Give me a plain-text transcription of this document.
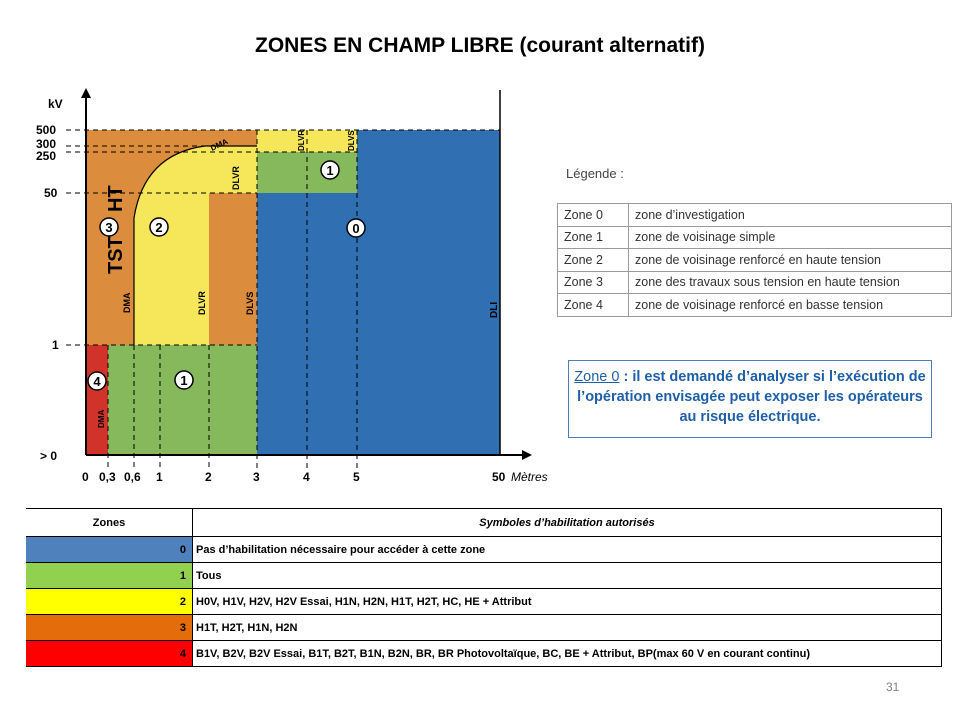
ZONES EN CHAMP LIBRE (courant alternatif)
kV
500
300
250
50
1
> 0
0 0,3 0,6 1	2	3	4	5	50 Mètres
DMA	DLVR	DLVS
DLVR
DMA	DLVR	DLVS	DLI
DMA
TST
HT
3	2	0
1
1
4
Légende :
Zone 0	zone d’investigation
Zone 1	zone de voisinage simple
Zone 2	zone de voisinage renforcé en haute tension
Zone 3	zone des travaux sous tension en haute tension
Zone 4	zone de voisinage renforcé en basse tension
Zone 0 : il est demandé d’analyser si l’exécution de l’opération envisagée peut exposer les opérateurs au risque électrique.
Zones	Symboles d’habilitation autorisés
0	Pas d’habilitation nécessaire pour accéder à cette zone
1	Tous
2	H0V, H1V, H2V, H2V Essai, H1N, H2N, H1T, H2T, HC, HE + Attribut
3	H1T, H2T, H1N, H2N
4	B1V, B2V, B2V Essai, B1T, B2T, B1N, B2N, BR, BR Photovoltaïque, BC, BE + Attribut, BP(max 60 V en courant continu)
31
